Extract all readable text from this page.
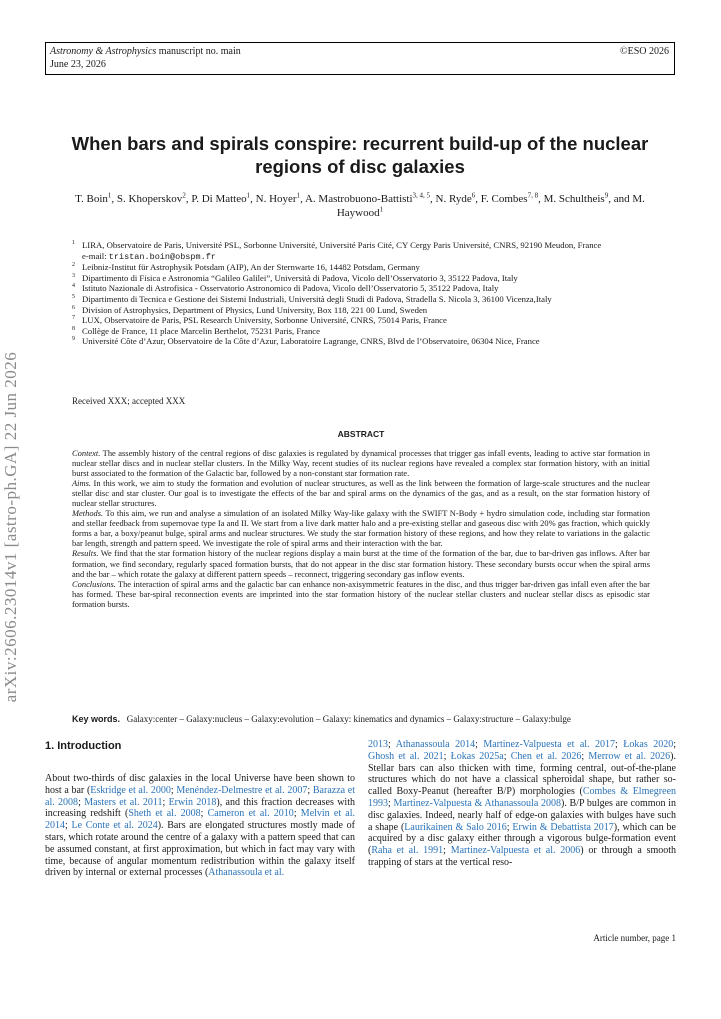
Astronomy & Astrophysics manuscript no. main
June 23, 2026
©ESO 2026
arXiv:2606.23014v1 [astro-ph.GA] 22 Jun 2026
When bars and spirals conspire: recurrent build-up of the nuclear regions of disc galaxies
T. Boin$^1$, S. Khoperskov$^2$, P. Di Matteo$^1$, N. Hoyer$^1$, A. Mastrobuono-Battisti$^{3, 4, 5}$, N. Ryde$^6$, F. Combes$^{7, 8}$, M. Schultheis$^9$, and M. Haywood$^1$
1 LIRA, Observatoire de Paris, Université PSL, Sorbonne Université, Université Paris Cité, CY Cergy Paris Université, CNRS, 92190 Meudon, France
e-mail: tristan.boin@obspm.fr
2 Leibniz-Institut für Astrophysik Potsdam (AIP), An der Sternwarte 16, 14482 Potsdam, Germany
3 Dipartimento di Fisica e Astronomia “Galileo Galilei”, Università di Padova, Vicolo dell’Osservatorio 3, 35122 Padova, Italy
4 Istituto Nazionale di Astrofisica - Osservatorio Astronomico di Padova, Vicolo dell’Osservatorio 5, 35122 Padova, Italy
5 Dipartimento di Tecnica e Gestione dei Sistemi Industriali, Università degli Studi di Padova, Stradella S. Nicola 3, 36100 Vicenza,Italy
6 Division of Astrophysics, Department of Physics, Lund University, Box 118, 221 00 Lund, Sweden
7 LUX, Observatoire de Paris, PSL Research University, Sorbonne Université, CNRS, 75014 Paris, France
8 Collège de France, 11 place Marcelin Berthelot, 75231 Paris, France
9 Université Côte d’Azur, Observatoire de la Côte d’Azur, Laboratoire Lagrange, CNRS, Blvd de l’Observatoire, 06304 Nice, France
Received XXX; accepted XXX
ABSTRACT

Context. The assembly history of the central regions of disc galaxies is regulated by dynamical processes that trigger gas infall events, leading to active star formation in nuclear stellar discs and in nuclear stellar clusters. In the Milky Way, recent studies of its nuclear regions have revealed a complex star formation history, with an initial burst associated to the formation of the Galactic bar, followed by a non-constant star formation rate.

Aims. In this work, we aim to study the formation and evolution of nuclear structures, as well as the link between the formation of large-scale structures and the nuclear stellar disc and star cluster. Our goal is to investigate the effects of the bar and spiral arms on the dynamics of the gas, and as a result, on the star formation history of nuclear stellar structures.

Methods. To this aim, we run and analyse a simulation of an isolated Milky Way-like galaxy with the SWIFT N-Body + hydro simulation code, including star formation and stellar feedback from supernovae type Ia and II. We start from a live dark matter halo and a pre-existing stellar and gaseous disc with 20% gas fraction, which quickly forms a bar, a boxy/peanut bulge, spiral arms and nuclear structures. We study the star formation history of these regions, and how they relate to variations in the galactic bar length, strength and pattern speed. We investigate the role of spiral arms and their interaction with the bar.

Results. We find that the star formation history of the nuclear regions display a main burst at the time of the formation of the bar, due to bar-driven gas inflows. After bar formation, we find secondary, regularly spaced formation bursts, that do not appear in the disc star formation history. These secondary bursts occur when the spiral arms and the bar – which rotate the galaxy at different pattern speeds – reconnect, triggering secondary gas inflow events.

Conclusions. The interaction of spiral arms and the galactic bar can enhance non-axisymmetric features in the disc, and thus trigger bar-driven gas infall even after the bar has formed. These bar-spiral reconnection events are imprinted into the star formation history of the nuclear stellar clusters and nuclear stellar discs as episodic star formation bursts.

Key words. Galaxy:center – Galaxy:nucleus – Galaxy:evolution – Galaxy: kinematics and dynamics – Galaxy:structure – Galaxy:bulge
1. Introduction
About two-thirds of disc galaxies in the local Universe have been shown to host a bar (Eskridge et al. 2000; Menéndez-Delmestre et al. 2007; Barazza et al. 2008; Masters et al. 2011; Erwin 2018), and this fraction decreases with increasing redshift (Sheth et al. 2008; Cameron et al. 2010; Melvin et al. 2014; Le Conte et al. 2024). Bars are elongated structures mostly made of stars, which rotate around the centre of a galaxy with a pattern speed that can be assumed constant, at first approximation, but which in fact may vary with time, because of angular momentum redistribution within the galaxy itself driven by internal or external processes (Athanassoula et al.
2013; Athanassoula 2014; Martinez-Valpuesta et al. 2017; Łokas 2020; Ghosh et al. 2021; Łokas 2025a; Chen et al. 2026; Merrow et al. 2026). Stellar bars can also thicken with time, forming central, out-of-the-plane structures which do not have a classical spheroidal shape, but rather so-called Boxy-Peanut (hereafter B/P) morphologies (Combes & Elmegreen 1993; Martinez-Valpuesta & Athanassoula 2008). B/P bulges are common in disc galaxies. Indeed, nearly half of edge-on galaxies with bulges have such a shape (Laurikainen & Salo 2016; Erwin & Debattista 2017), which can be acquired by a disc galaxy either through a vigorous bulge-formation event (Raha et al. 1991; Martinez-Valpuesta et al. 2006) or through a smooth trapping of stars at the vertical reso-
Article number, page 1
